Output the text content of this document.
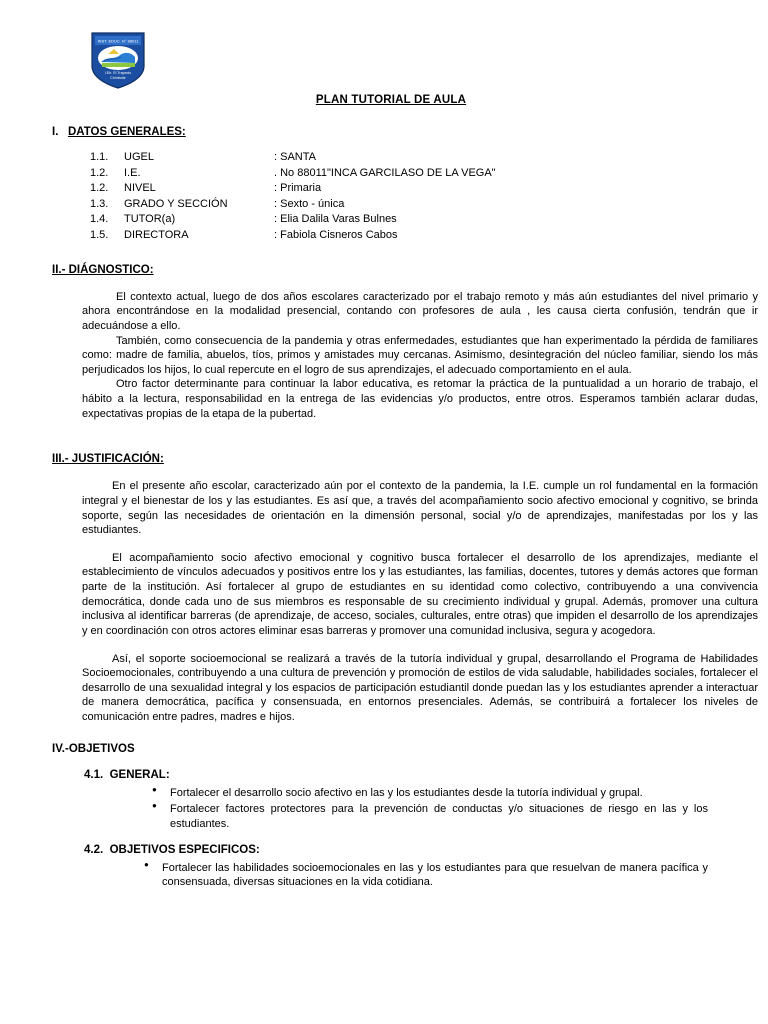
INST. EDUC. N° 88011
I.Eb. El Trapecio
Chimbote
PLAN TUTORIAL DE AULA
I. DATOS GENERALES:
1.1.	UGEL	: SANTA
1.2.	I.E.	. No 88011"INCA GARCILASO DE LA VEGA"
1.2.	NIVEL	: Primaria
1.3.	GRADO Y SECCIÓN	: Sexto - única
1.4.	TUTOR(a)	: Elia Dalila Varas Bulnes
1.5.	DIRECTORA	: Fabiola Cisneros Cabos
II.- DIÁGNOSTICO:

El contexto actual, luego de dos años escolares caracterizado por el trabajo remoto y más aún estudiantes del nivel primario y ahora encontrándose en la modalidad presencial, contando con profesores de aula , les causa cierta confusión, tendrán que ir adecuándose a ello.

También, como consecuencia de la pandemia y otras enfermedades, estudiantes que han experimentado la pérdida de familiares como: madre de familia, abuelos, tíos, primos y amistades muy cercanas. Asimismo, desintegración del núcleo familiar, siendo los más perjudicados los hijos, lo cual repercute en el logro de sus aprendizajes, el adecuado comportamiento en el aula.

Otro factor determinante para continuar la labor educativa, es retomar la práctica de la puntualidad a un horario de trabajo, el hábito a la lectura, responsabilidad en la entrega de las evidencias y/o productos, entre otros. Esperamos también aclarar dudas, expectativas propias de la etapa de la pubertad.

III.- JUSTIFICACIÓN:

En el presente año escolar, caracterizado aún por el contexto de la pandemia, la I.E. cumple un rol fundamental en la formación integral y el bienestar de los y las estudiantes. Es así que, a través del acompañamiento socio afectivo emocional y cognitivo, se brinda soporte, según las necesidades de orientación en la dimensión personal, social y/o de aprendizajes, manifestadas por los y las estudiantes.

El acompañamiento socio afectivo emocional y cognitivo busca fortalecer el desarrollo de los aprendizajes, mediante el establecimiento de vínculos adecuados y positivos entre los y las estudiantes, las familias, docentes, tutores y demás actores que forman parte de la institución. Así fortalecer al grupo de estudiantes en su identidad como colectivo, contribuyendo a una convivencia democrática, donde cada uno de sus miembros es responsable de su crecimiento individual y grupal. Además, promover una cultura inclusiva al identificar barreras (de aprendizaje, de acceso, sociales, culturales, entre otras) que impiden el desarrollo de los aprendizajes y en coordinación con otros actores eliminar esas barreras y promover una comunidad inclusiva, segura y acogedora.

Así, el soporte socioemocional se realizará a través de la tutoría individual y grupal, desarrollando el Programa de Habilidades Socioemocionales, contribuyendo a una cultura de prevención y promoción de estilos de vida saludable, habilidades sociales, fortalecer el desarrollo de una sexualidad integral y los espacios de participación estudiantil donde puedan las y los estudiantes aprender a interactuar de manera democrática, pacífica y consensuada, en entornos presenciales. Además, se contribuirá a fortalecer los niveles de comunicación entre padres, madres e hijos.

IV.-OBJETIVOS
4.1. GENERAL:
● Fortalecer el desarrollo socio afectivo en las y los estudiantes desde la tutoría individual y grupal.
● Fortalecer factores protectores para la prevención de conductas y/o situaciones de riesgo en las y los estudiantes.
4.2. OBJETIVOS ESPECIFICOS:
● Fortalecer las habilidades socioemocionales en las y los estudiantes para que resuelvan de manera pacífica y consensuada, diversas situaciones en la vida cotidiana.
